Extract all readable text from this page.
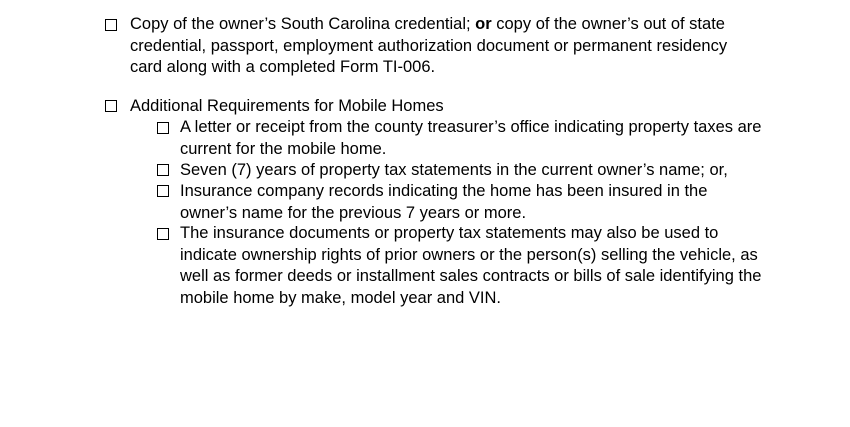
Copy of the owner’s South Carolina credential; or copy of the owner’s out of state
credential, passport, employment authorization document or permanent residency
card along with a completed Form TI-006.
Additional Requirements for Mobile Homes
A letter or receipt from the county treasurer’s office indicating property taxes are
current for the mobile home.
Seven (7) years of property tax statements in the current owner’s name; or,
Insurance company records indicating the home has been insured in the
owner’s name for the previous 7 years or more.
The insurance documents or property tax statements may also be used to
indicate ownership rights of prior owners or the person(s) selling the vehicle, as
well as former deeds or installment sales contracts or bills of sale identifying the
mobile home by make, model year and VIN.
